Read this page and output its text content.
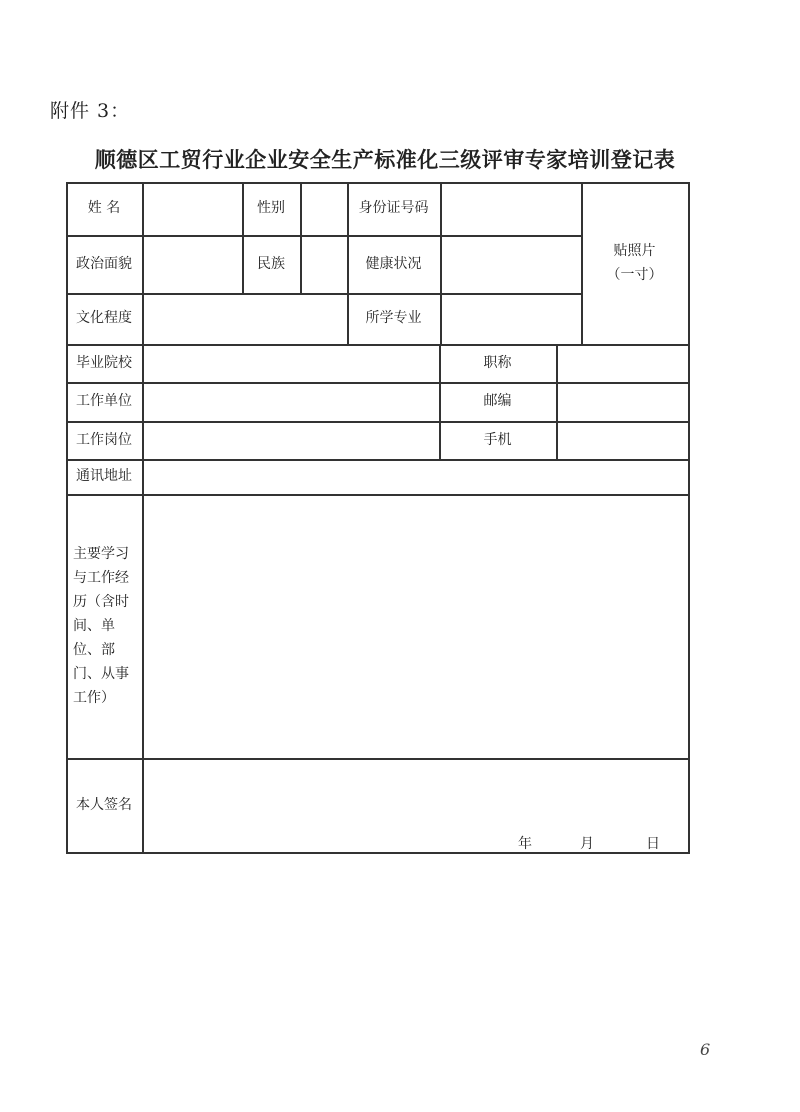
附件 3：
顺德区工贸行业企业安全生产标准化三级评审专家培训登记表
姓 名	性别	身份证号码
贴照片
（一寸）
政治面貌	民族	健康状况
文化程度	所学专业
毕业院校	职称
工作单位	邮编
工作岗位	手机
通讯地址
主要学习与工作经历（含时间、单位、部门、从事工作）
本人签名
年	月	日
6
